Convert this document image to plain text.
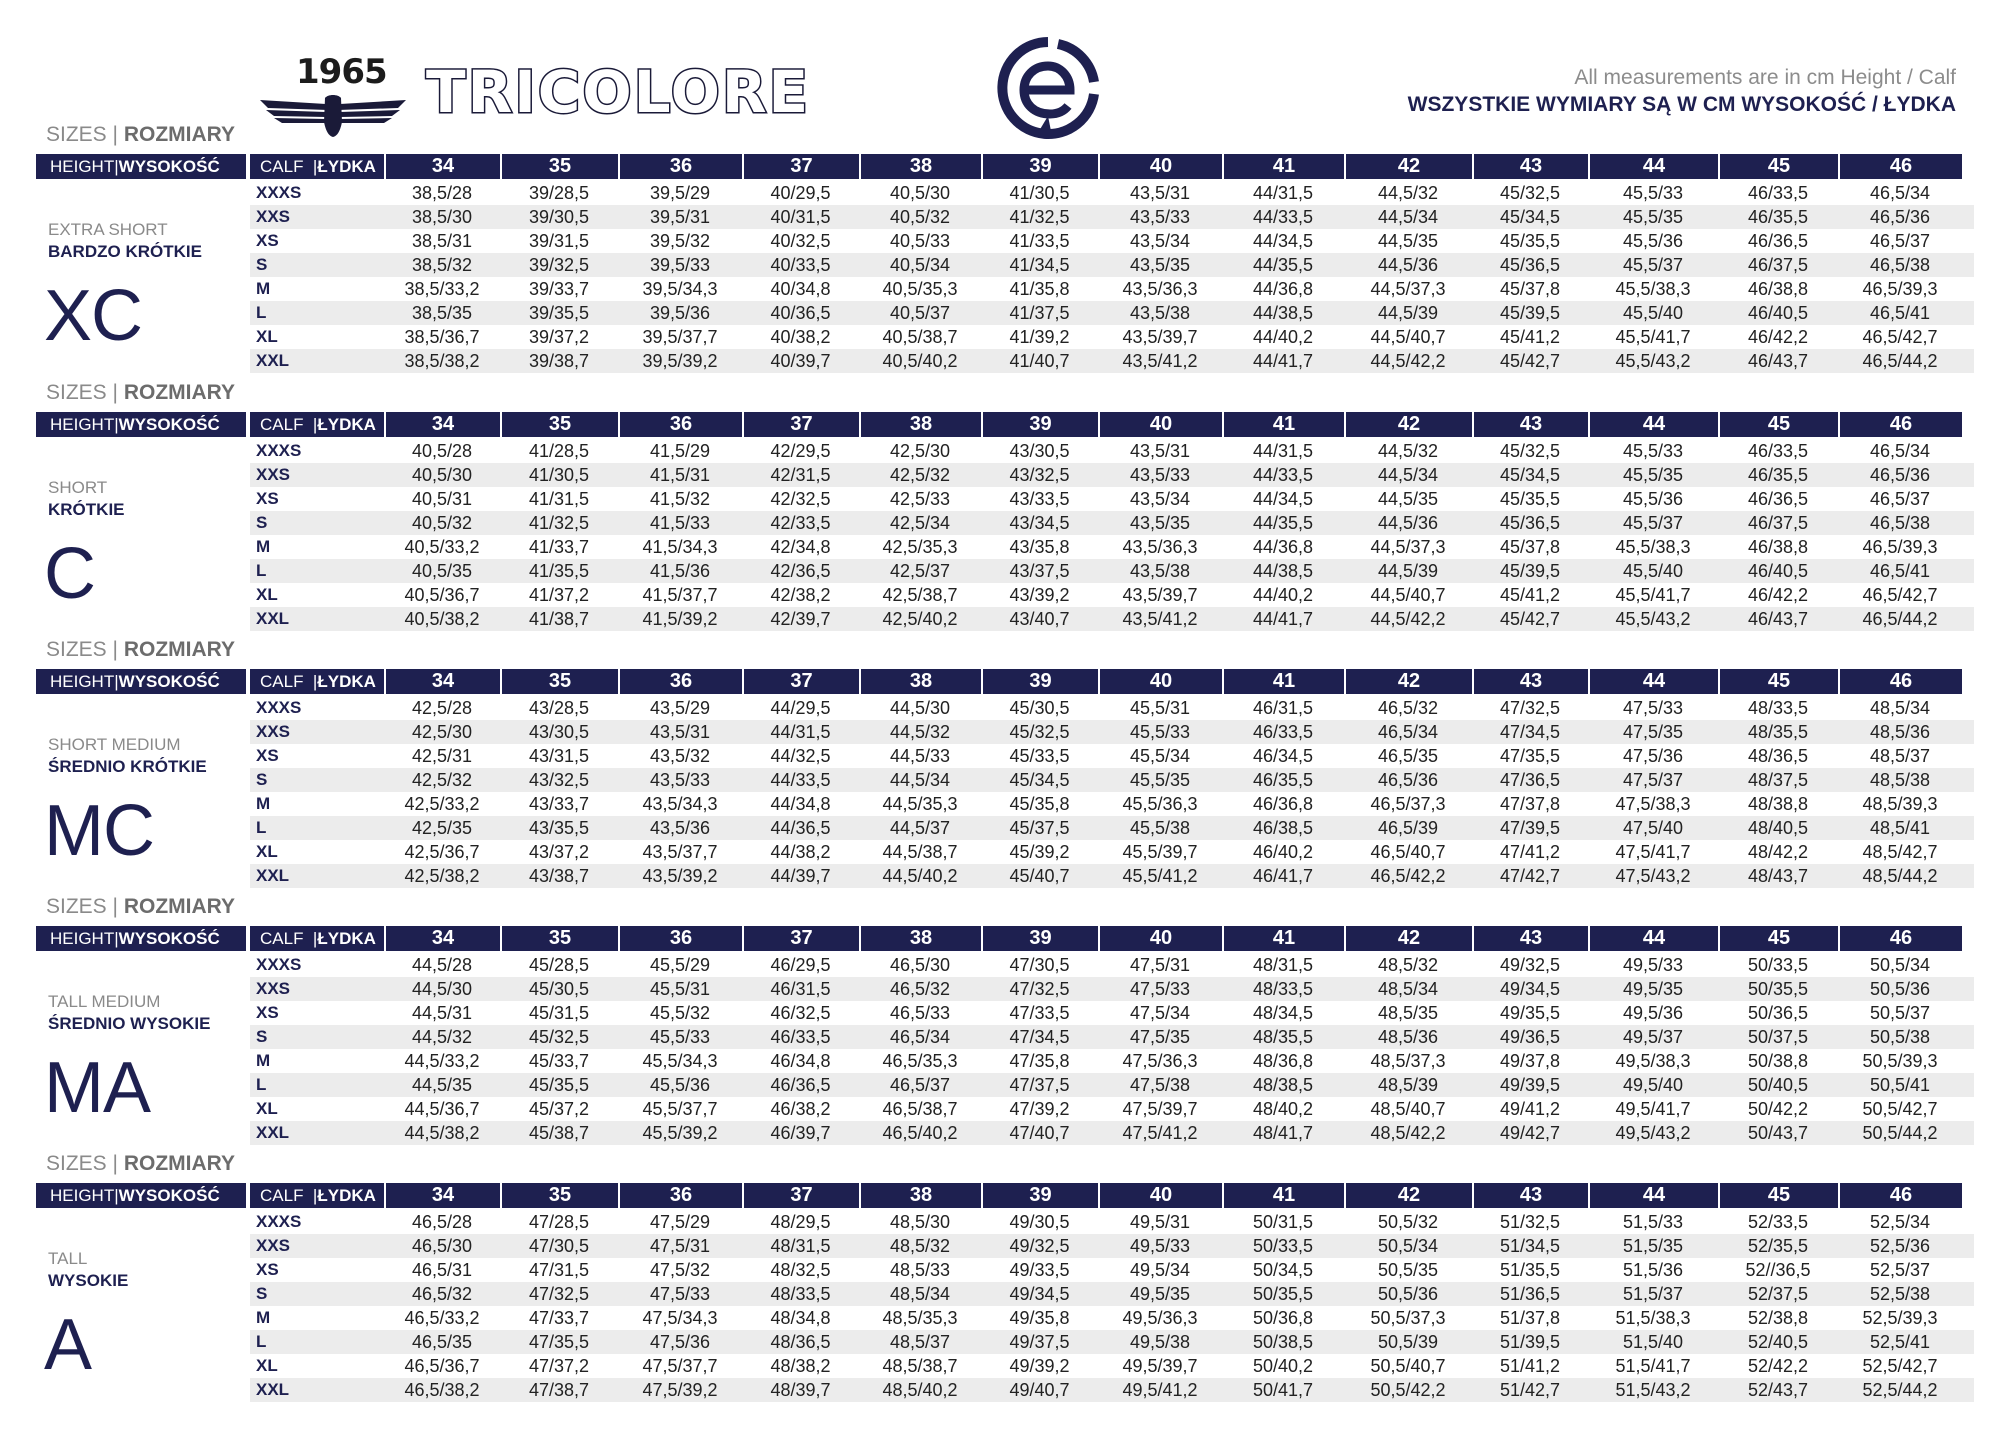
1965 TRICOLORE	All measurements are in cm Height / Calf
WSZYSTKIE WYMIARY SĄ W CM WYSOKOŚĆ / ŁYDKA
SIZES | ROZMIARY
HEIGHT | WYSOKOŚĆ CALF
| ŁYDKA	34	35	36	37	38	39	40	41	42	43	44	45	46
EXTRA SHORT
BARDZO KRÓTKIE
XC
XXXS	38,5/28	39/28,5	39,5/29	40/29,5	40,5/30	41/30,5	43,5/31	44/31,5	44,5/32	45/32,5	45,5/33	46/33,5	46,5/34
XXS	38,5/30	39/30,5	39,5/31	40/31,5	40,5/32	41/32,5	43,5/33	44/33,5	44,5/34	45/34,5	45,5/35	46/35,5	46,5/36
XS	38,5/31	39/31,5	39,5/32	40/32,5	40,5/33	41/33,5	43,5/34	44/34,5	44,5/35	45/35,5	45,5/36	46/36,5	46,5/37
S	38,5/32	39/32,5	39,5/33	40/33,5	40,5/34	41/34,5	43,5/35	44/35,5	44,5/36	45/36,5	45,5/37	46/37,5	46,5/38
M	38,5/33,2	39/33,7	39,5/34,3	40/34,8	40,5/35,3	41/35,8	43,5/36,3	44/36,8	44,5/37,3	45/37,8	45,5/38,3	46/38,8	46,5/39,3
L	38,5/35	39/35,5	39,5/36	40/36,5	40,5/37	41/37,5	43,5/38	44/38,5	44,5/39	45/39,5	45,5/40	46/40,5	46,5/41
XL	38,5/36,7	39/37,2	39,5/37,7	40/38,2	40,5/38,7	41/39,2	43,5/39,7	44/40,2	44,5/40,7	45/41,2	45,5/41,7	46/42,2	46,5/42,7
XXL	38,5/38,2	39/38,7	39,5/39,2	40/39,7	40,5/40,2	41/40,7	43,5/41,2	44/41,7	44,5/42,2	45/42,7	45,5/43,2	46/43,7	46,5/44,2
SIZES | ROZMIARY
HEIGHT | WYSOKOŚĆ CALF
| ŁYDKA	34	35	36	37	38	39	40	41	42	43	44	45	46
SHORT
KRÓTKIE
C
XXXS	40,5/28	41/28,5	41,5/29	42/29,5	42,5/30	43/30,5	43,5/31	44/31,5	44,5/32	45/32,5	45,5/33	46/33,5	46,5/34
XXS	40,5/30	41/30,5	41,5/31	42/31,5	42,5/32	43/32,5	43,5/33	44/33,5	44,5/34	45/34,5	45,5/35	46/35,5	46,5/36
XS	40,5/31	41/31,5	41,5/32	42/32,5	42,5/33	43/33,5	43,5/34	44/34,5	44,5/35	45/35,5	45,5/36	46/36,5	46,5/37
S	40,5/32	41/32,5	41,5/33	42/33,5	42,5/34	43/34,5	43,5/35	44/35,5	44,5/36	45/36,5	45,5/37	46/37,5	46,5/38
M	40,5/33,2	41/33,7	41,5/34,3	42/34,8	42,5/35,3	43/35,8	43,5/36,3	44/36,8	44,5/37,3	45/37,8	45,5/38,3	46/38,8	46,5/39,3
L	40,5/35	41/35,5	41,5/36	42/36,5	42,5/37	43/37,5	43,5/38	44/38,5	44,5/39	45/39,5	45,5/40	46/40,5	46,5/41
XL	40,5/36,7	41/37,2	41,5/37,7	42/38,2	42,5/38,7	43/39,2	43,5/39,7	44/40,2	44,5/40,7	45/41,2	45,5/41,7	46/42,2	46,5/42,7
XXL	40,5/38,2	41/38,7	41,5/39,2	42/39,7	42,5/40,2	43/40,7	43,5/41,2	44/41,7	44,5/42,2	45/42,7	45,5/43,2	46/43,7	46,5/44,2
SIZES | ROZMIARY
HEIGHT | WYSOKOŚĆ CALF
| ŁYDKA	34	35	36	37	38	39	40	41	42	43	44	45	46
SHORT MEDIUM
ŚREDNIO KRÓTKIE
MC
XXXS	42,5/28	43/28,5	43,5/29	44/29,5	44,5/30	45/30,5	45,5/31	46/31,5	46,5/32	47/32,5	47,5/33	48/33,5	48,5/34
XXS	42,5/30	43/30,5	43,5/31	44/31,5	44,5/32	45/32,5	45,5/33	46/33,5	46,5/34	47/34,5	47,5/35	48/35,5	48,5/36
XS	42,5/31	43/31,5	43,5/32	44/32,5	44,5/33	45/33,5	45,5/34	46/34,5	46,5/35	47/35,5	47,5/36	48/36,5	48,5/37
S	42,5/32	43/32,5	43,5/33	44/33,5	44,5/34	45/34,5	45,5/35	46/35,5	46,5/36	47/36,5	47,5/37	48/37,5	48,5/38
M	42,5/33,2	43/33,7	43,5/34,3	44/34,8	44,5/35,3	45/35,8	45,5/36,3	46/36,8	46,5/37,3	47/37,8	47,5/38,3	48/38,8	48,5/39,3
L	42,5/35	43/35,5	43,5/36	44/36,5	44,5/37	45/37,5	45,5/38	46/38,5	46,5/39	47/39,5	47,5/40	48/40,5	48,5/41
XL	42,5/36,7	43/37,2	43,5/37,7	44/38,2	44,5/38,7	45/39,2	45,5/39,7	46/40,2	46,5/40,7	47/41,2	47,5/41,7	48/42,2	48,5/42,7
XXL	42,5/38,2	43/38,7	43,5/39,2	44/39,7	44,5/40,2	45/40,7	45,5/41,2	46/41,7	46,5/42,2	47/42,7	47,5/43,2	48/43,7	48,5/44,2
SIZES | ROZMIARY
HEIGHT | WYSOKOŚĆ CALF
| ŁYDKA	34	35	36	37	38	39	40	41	42	43	44	45	46
TALL MEDIUM
ŚREDNIO WYSOKIE
MA
XXXS	44,5/28	45/28,5	45,5/29	46/29,5	46,5/30	47/30,5	47,5/31	48/31,5	48,5/32	49/32,5	49,5/33	50/33,5	50,5/34
XXS	44,5/30	45/30,5	45,5/31	46/31,5	46,5/32	47/32,5	47,5/33	48/33,5	48,5/34	49/34,5	49,5/35	50/35,5	50,5/36
XS	44,5/31	45/31,5	45,5/32	46/32,5	46,5/33	47/33,5	47,5/34	48/34,5	48,5/35	49/35,5	49,5/36	50/36,5	50,5/37
S	44,5/32	45/32,5	45,5/33	46/33,5	46,5/34	47/34,5	47,5/35	48/35,5	48,5/36	49/36,5	49,5/37	50/37,5	50,5/38
M	44,5/33,2	45/33,7	45,5/34,3	46/34,8	46,5/35,3	47/35,8	47,5/36,3	48/36,8	48,5/37,3	49/37,8	49,5/38,3	50/38,8	50,5/39,3
L	44,5/35	45/35,5	45,5/36	46/36,5	46,5/37	47/37,5	47,5/38	48/38,5	48,5/39	49/39,5	49,5/40	50/40,5	50,5/41
XL	44,5/36,7	45/37,2	45,5/37,7	46/38,2	46,5/38,7	47/39,2	47,5/39,7	48/40,2	48,5/40,7	49/41,2	49,5/41,7	50/42,2	50,5/42,7
XXL	44,5/38,2	45/38,7	45,5/39,2	46/39,7	46,5/40,2	47/40,7	47,5/41,2	48/41,7	48,5/42,2	49/42,7	49,5/43,2	50/43,7	50,5/44,2
SIZES | ROZMIARY
HEIGHT | WYSOKOŚĆ CALF
| ŁYDKA	34	35	36	37	38	39	40	41	42	43	44	45	46
TALL
WYSOKIE
A
XXXS	46,5/28	47/28,5	47,5/29	48/29,5	48,5/30	49/30,5	49,5/31	50/31,5	50,5/32	51/32,5	51,5/33	52/33,5	52,5/34
XXS	46,5/30	47/30,5	47,5/31	48/31,5	48,5/32	49/32,5	49,5/33	50/33,5	50,5/34	51/34,5	51,5/35	52/35,5	52,5/36
XS	46,5/31	47/31,5	47,5/32	48/32,5	48,5/33	49/33,5	49,5/34	50/34,5	50,5/35	51/35,5	51,5/36	52//36,5	52,5/37
S	46,5/32	47/32,5	47,5/33	48/33,5	48,5/34	49/34,5	49,5/35	50/35,5	50,5/36	51/36,5	51,5/37	52/37,5	52,5/38
M	46,5/33,2	47/33,7	47,5/34,3	48/34,8	48,5/35,3	49/35,8	49,5/36,3	50/36,8	50,5/37,3	51/37,8	51,5/38,3	52/38,8	52,5/39,3
L	46,5/35	47/35,5	47,5/36	48/36,5	48,5/37	49/37,5	49,5/38	50/38,5	50,5/39	51/39,5	51,5/40	52/40,5	52,5/41
XL	46,5/36,7	47/37,2	47,5/37,7	48/38,2	48,5/38,7	49/39,2	49,5/39,7	50/40,2	50,5/40,7	51/41,2	51,5/41,7	52/42,2	52,5/42,7
XXL	46,5/38,2	47/38,7	47,5/39,2	48/39,7	48,5/40,2	49/40,7	49,5/41,2	50/41,7	50,5/42,2	51/42,7	51,5/43,2	52/43,7	52,5/44,2
